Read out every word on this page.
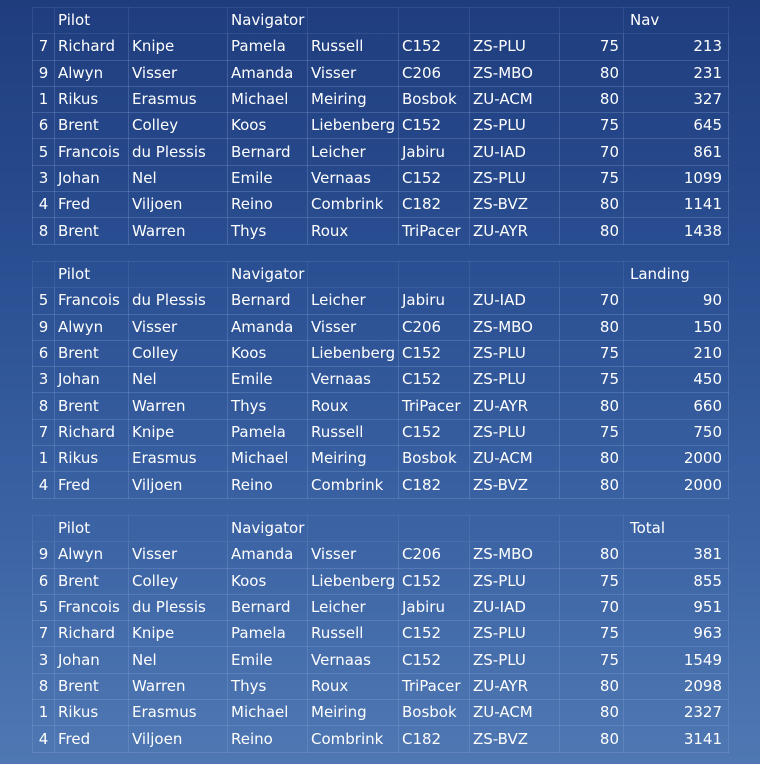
	Pilot		Navigator					Nav
7	Richard	Knipe	Pamela	Russell	C152	ZS-PLU	75	213
9	Alwyn	Visser	Amanda	Visser	C206	ZS-MBO	80	231
1	Rikus	Erasmus	Michael	Meiring	Bosbok	ZU-ACM	80	327
6	Brent	Colley	Koos	Liebenberg	C152	ZS-PLU	75	645
5	Francois	du Plessis	Bernard	Leicher	Jabiru	ZU-IAD	70	861
3	Johan	Nel	Emile	Vernaas	C152	ZS-PLU	75	1099
4	Fred	Viljoen	Reino	Combrink	C182	ZS-BVZ	80	1141
8	Brent	Warren	Thys	Roux	TriPacer	ZU-AYR	80	1438
	Pilot		Navigator					Landing
5	Francois	du Plessis	Bernard	Leicher	Jabiru	ZU-IAD	70	90
9	Alwyn	Visser	Amanda	Visser	C206	ZS-MBO	80	150
6	Brent	Colley	Koos	Liebenberg	C152	ZS-PLU	75	210
3	Johan	Nel	Emile	Vernaas	C152	ZS-PLU	75	450
8	Brent	Warren	Thys	Roux	TriPacer	ZU-AYR	80	660
7	Richard	Knipe	Pamela	Russell	C152	ZS-PLU	75	750
1	Rikus	Erasmus	Michael	Meiring	Bosbok	ZU-ACM	80	2000
4	Fred	Viljoen	Reino	Combrink	C182	ZS-BVZ	80	2000
	Pilot		Navigator					Total
9	Alwyn	Visser	Amanda	Visser	C206	ZS-MBO	80	381
6	Brent	Colley	Koos	Liebenberg	C152	ZS-PLU	75	855
5	Francois	du Plessis	Bernard	Leicher	Jabiru	ZU-IAD	70	951
7	Richard	Knipe	Pamela	Russell	C152	ZS-PLU	75	963
3	Johan	Nel	Emile	Vernaas	C152	ZS-PLU	75	1549
8	Brent	Warren	Thys	Roux	TriPacer	ZU-AYR	80	2098
1	Rikus	Erasmus	Michael	Meiring	Bosbok	ZU-ACM	80	2327
4	Fred	Viljoen	Reino	Combrink	C182	ZS-BVZ	80	3141
